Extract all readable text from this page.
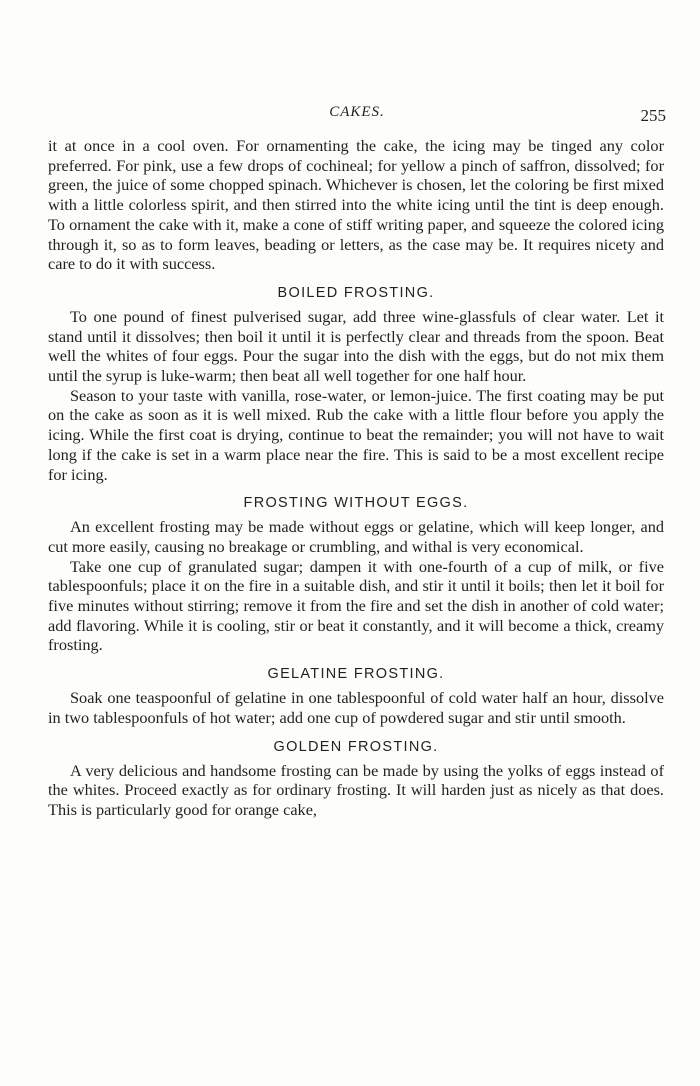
CAKES.	255

it at once in a cool oven. For ornamenting the cake, the icing may be tinged any color preferred. For pink, use a few drops of cochineal; for yellow a pinch of saffron, dissolved; for green, the juice of some chopped spinach. Whichever is chosen, let the coloring be first mixed with a little colorless spirit, and then stirred into the white icing until the tint is deep enough. To ornament the cake with it, make a cone of stiff writing paper, and squeeze the colored icing through it, so as to form leaves, beading or letters, as the case may be. It requires nicety and care to do it with success.

BOILED FROSTING.

To one pound of finest pulverised sugar, add three wine-glassfuls of clear water. Let it stand until it dissolves; then boil it until it is perfectly clear and threads from the spoon. Beat well the whites of four eggs. Pour the sugar into the dish with the eggs, but do not mix them until the syrup is luke-warm; then beat all well together for one half hour.

Season to your taste with vanilla, rose-water, or lemon-juice. The first coating may be put on the cake as soon as it is well mixed. Rub the cake with a little flour before you apply the icing. While the first coat is drying, continue to beat the remainder; you will not have to wait long if the cake is set in a warm place near the fire. This is said to be a most excellent recipe for icing.

FROSTING WITHOUT EGGS.

An excellent frosting may be made without eggs or gelatine, which will keep longer, and cut more easily, causing no breakage or crumbling, and withal is very economical.

Take one cup of granulated sugar; dampen it with one-fourth of a cup of milk, or five tablespoonfuls; place it on the fire in a suitable dish, and stir it until it boils; then let it boil for five minutes without stirring; remove it from the fire and set the dish in another of cold water; add flavoring. While it is cooling, stir or beat it constantly, and it will become a thick, creamy frosting.

GELATINE FROSTING.

Soak one teaspoonful of gelatine in one tablespoonful of cold water half an hour, dissolve in two tablespoonfuls of hot water; add one cup of powdered sugar and stir until smooth.

GOLDEN FROSTING.

A very delicious and handsome frosting can be made by using the yolks of eggs instead of the whites. Proceed exactly as for ordinary frosting. It will harden just as nicely as that does. This is particularly good for orange cake,
